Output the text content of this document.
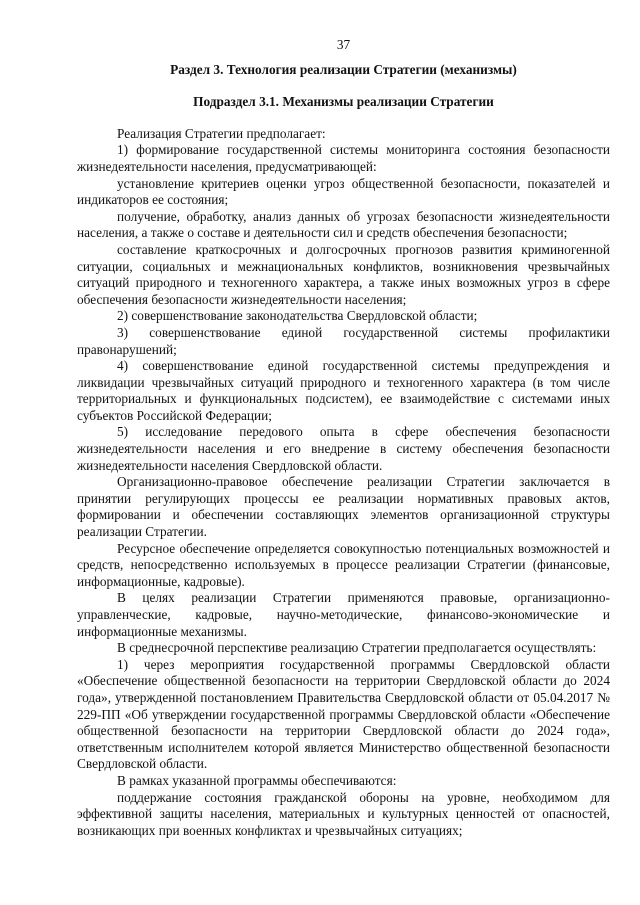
37
Раздел 3. Технология реализации Стратегии (механизмы)
Подраздел 3.1. Механизмы реализации Стратегии

Реализация Стратегии предполагает:

1) формирование государственной системы мониторинга состояния безопасности жизнедеятельности населения, предусматривающей:

установление критериев оценки угроз общественной безопасности, показателей и индикаторов ее состояния;

получение, обработку, анализ данных об угрозах безопасности жизнедеятельности населения, а также о составе и деятельности сил и средств обеспечения безопасности;

составление краткосрочных и долгосрочных прогнозов развития криминогенной ситуации, социальных и межнациональных конфликтов, возникновения чрезвычайных ситуаций природного и техногенного характера, а также иных возможных угроз в сфере обеспечения безопасности жизнедеятельности населения;

2) совершенствование законодательства Свердловской области;

3) совершенствование единой государственной системы профилактики правонарушений;

4) совершенствование единой государственной системы предупреждения и ликвидации чрезвычайных ситуаций природного и техногенного характера (в том числе территориальных и функциональных подсистем), ее взаимодействие с системами иных субъектов Российской Федерации;

5) исследование передового опыта в сфере обеспечения безопасности жизнедеятельности населения и его внедрение в систему обеспечения безопасности жизнедеятельности населения Свердловской области.

Организационно-правовое обеспечение реализации Стратегии заключается в принятии регулирующих процессы ее реализации нормативных правовых актов, формировании и обеспечении составляющих элементов организационной структуры реализации Стратегии.

Ресурсное обеспечение определяется совокупностью потенциальных возможностей и средств, непосредственно используемых в процессе реализации Стратегии (финансовые, информационные, кадровые).

В целях реализации Стратегии применяются правовые, организационно-управленческие, кадровые, научно-методические, финансово-экономические и информационные механизмы.

В среднесрочной перспективе реализацию Стратегии предполагается осуществлять:

1) через мероприятия государственной программы Свердловской области «Обеспечение общественной безопасности на территории Свердловской области до 2024 года», утвержденной постановлением Правительства Свердловской области от 05.04.2017 № 229-ПП «Об утверждении государственной программы Свердловской области «Обеспечение общественной безопасности на территории Свердловской области до 2024 года», ответственным исполнителем которой является Министерство общественной безопасности Свердловской области.

В рамках указанной программы обеспечиваются:

поддержание состояния гражданской обороны на уровне, необходимом для эффективной защиты населения, материальных и культурных ценностей от опасностей, возникающих при военных конфликтах и чрезвычайных ситуациях;
